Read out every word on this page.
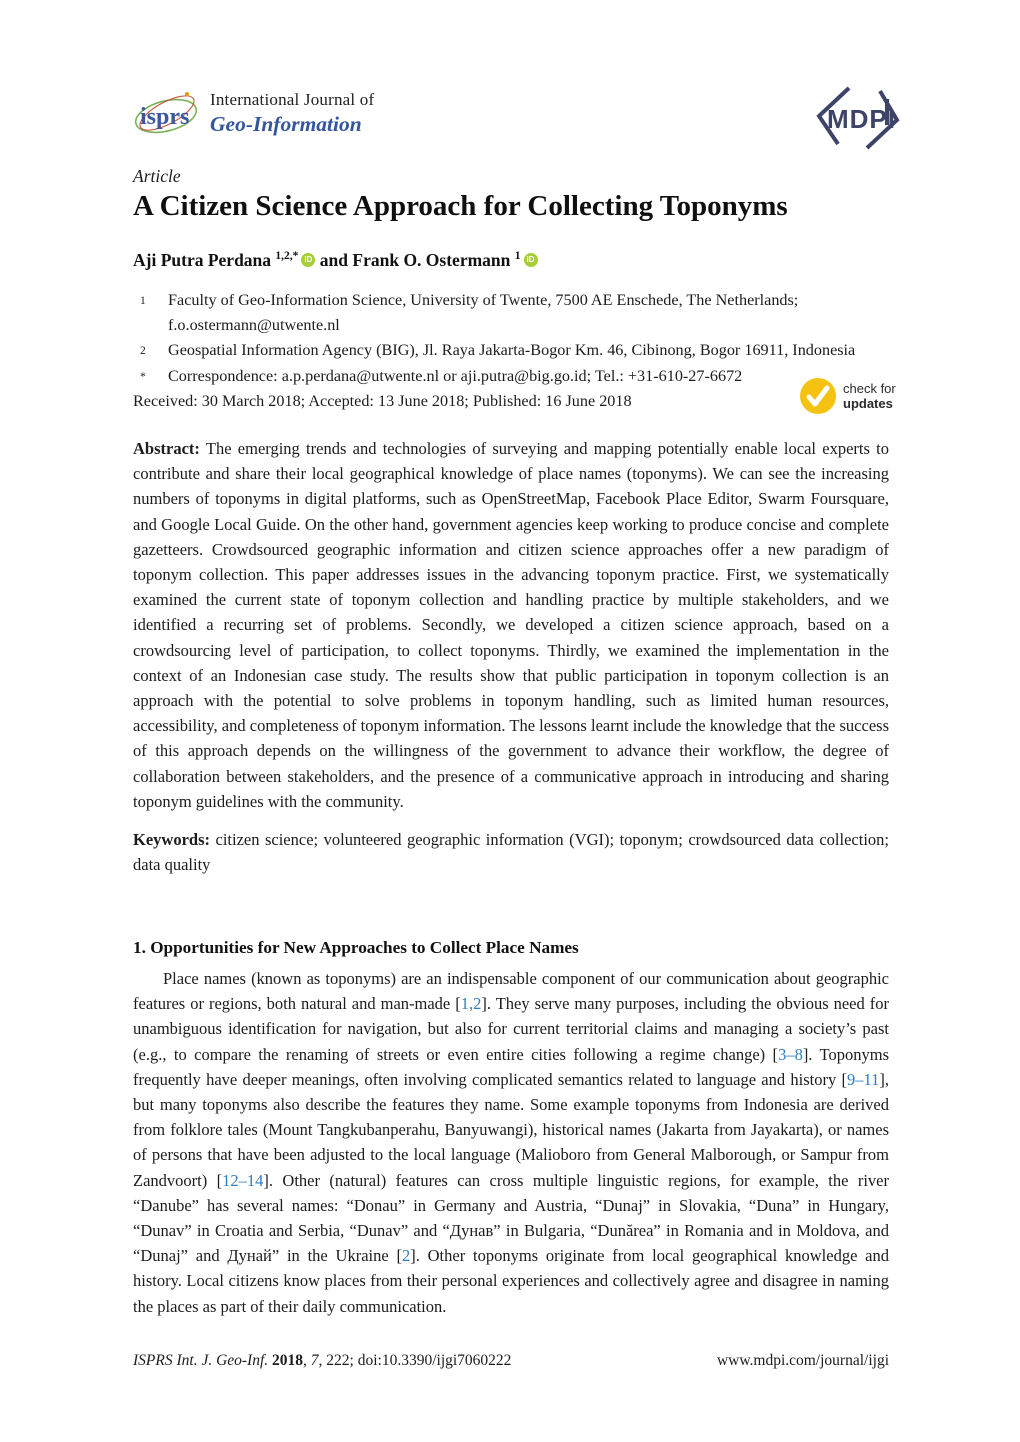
isprs
International Journal of
Geo-Information	MDPI
Article
A Citizen Science Approach for Collecting Toponyms
Aji Putra Perdana $^{1,2,*}$ iD and Frank O. Ostermann $^1$ iD
1	Faculty of Geo-Information Science, University of Twente, 7500 AE Enschede, The Netherlands; f.o.ostermann@utwente.nl
2	Geospatial Information Agency (BIG), Jl. Raya Jakarta-Bogor Km. 46, Cibinong, Bogor 16911, Indonesia
*	Correspondence: a.p.perdana@utwente.nl or aji.putra@big.go.id; Tel.: +31-610-27-6672
Received: 30 March 2018; Accepted: 13 June 2018; Published: 16 June 2018
check for
updates
Abstract: The emerging trends and technologies of surveying and mapping potentially enable local experts to contribute and share their local geographical knowledge of place names (toponyms). We can see the increasing numbers of toponyms in digital platforms, such as OpenStreetMap, Facebook Place Editor, Swarm Foursquare, and Google Local Guide. On the other hand, government agencies keep working to produce concise and complete gazetteers. Crowdsourced geographic information and citizen science approaches offer a new paradigm of toponym collection. This paper addresses issues in the advancing toponym practice. First, we systematically examined the current state of toponym collection and handling practice by multiple stakeholders, and we identified a recurring set of problems. Secondly, we developed a citizen science approach, based on a crowdsourcing level of participation, to collect toponyms. Thirdly, we examined the implementation in the context of an Indonesian case study. The results show that public participation in toponym collection is an approach with the potential to solve problems in toponym handling, such as limited human resources, accessibility, and completeness of toponym information. The lessons learnt include the knowledge that the success of this approach depends on the willingness of the government to advance their workflow, the degree of collaboration between stakeholders, and the presence of a communicative approach in introducing and sharing toponym guidelines with the community.
Keywords: citizen science; volunteered geographic information (VGI); toponym; crowdsourced data collection; data quality
1. Opportunities for New Approaches to Collect Place Names

Place names (known as toponyms) are an indispensable component of our communication about geographic features or regions, both natural and man-made [1,2]. They serve many purposes, including the obvious need for unambiguous identification for navigation, but also for current territorial claims and managing a society’s past (e.g., to compare the renaming of streets or even entire cities following a regime change) [3–8]. Toponyms frequently have deeper meanings, often involving complicated semantics related to language and history [9–11], but many toponyms also describe the features they name. Some example toponyms from Indonesia are derived from folklore tales (Mount Tangkubanperahu, Banyuwangi), historical names (Jakarta from Jayakarta), or names of persons that have been adjusted to the local language (Malioboro from General Malborough, or Sampur from Zandvoort) [12–14]. Other (natural) features can cross multiple linguistic regions, for example, the river “Danube” has several names: “Donau” in Germany and Austria, “Dunaj” in Slovakia, “Duna” in Hungary, “Dunav” in Croatia and Serbia, “Dunav” and “Дунав” in Bulgaria, “Dunărea” in Romania and in Moldova, and “Dunaj” and Дунай” in the Ukraine [2]. Other toponyms originate from local geographical knowledge and history. Local citizens know places from their personal experiences and collectively agree and disagree in naming the places as part of their daily communication.

ISPRS Int. J. Geo-Inf. 2018, 7, 222; doi:10.3390/ijgi7060222	www.mdpi.com/journal/ijgi
